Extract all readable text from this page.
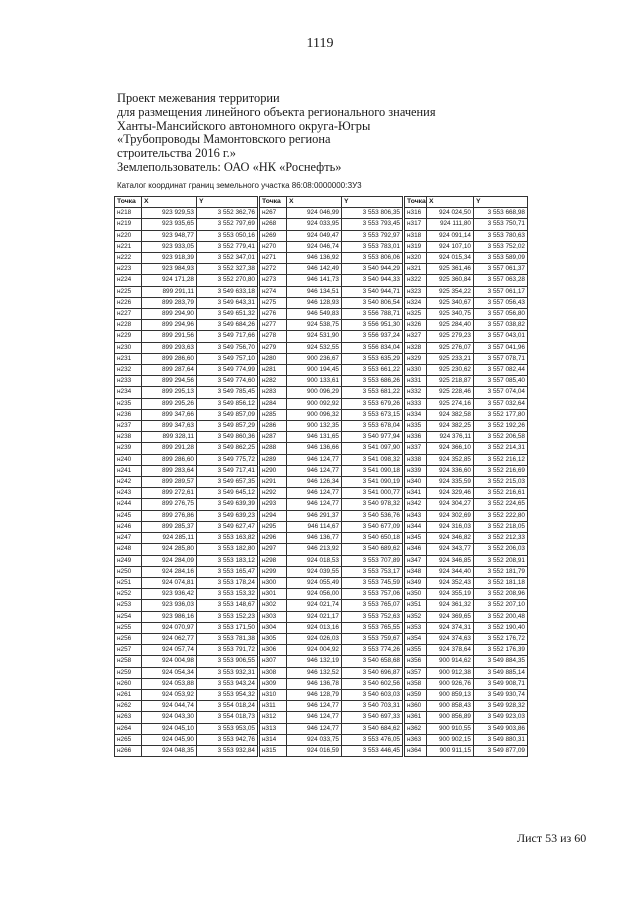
1119
Проект межевания территории
для размещения линейного объекта регионального значения
Ханты-Мансийского автономного округа-Югры
«Трубопроводы Мамонтовского региона
строительства 2016 г.»
Землепользователь: ОАО «НК «Роснефть»
Каталог координат границ земельного участка 86:08:0000000:ЗУ3
Точка	X	Y
н218	923 929,53	3 552 362,76
н219	923 935,65	3 552 797,69
н220	923 948,77	3 553 050,16
н221	923 933,05	3 552 779,41
н222	923 918,39	3 552 347,01
н223	923 984,93	3 552 327,38
н224	924 171,28	3 552 270,80
н225	899 291,11	3 549 633,18
н226	899 283,79	3 549 643,31
н227	899 294,90	3 549 651,32
н228	899 294,96	3 549 684,26
н229	899 291,56	3 549 717,66
н230	899 293,63	3 549 756,70
н231	899 286,60	3 549 757,10
н232	899 287,64	3 549 774,99
н233	899 294,56	3 549 774,60
н234	899 295,13	3 549 785,45
н235	899 295,26	3 549 856,12
н236	899 347,66	3 549 857,09
н237	899 347,63	3 549 857,29
н238	899 328,11	3 549 860,36
н239	899 291,28	3 549 862,25
н240	899 286,60	3 549 775,72
н241	899 283,64	3 549 717,41
н242	899 289,57	3 549 657,35
н243	899 272,61	3 549 645,12
н244	899 276,75	3 549 639,39
н245	899 276,86	3 549 639,23
н246	899 285,37	3 549 627,47
н247	924 285,11	3 553 163,82
н248	924 285,80	3 553 182,80
н249	924 284,09	3 553 183,12
н250	924 284,16	3 553 165,47
н251	924 074,81	3 553 178,24
н252	923 936,42	3 553 153,32
н253	923 936,03	3 553 148,67
н254	923 986,16	3 553 152,23
н255	924 070,97	3 553 171,50
н256	924 062,77	3 553 781,38
н257	924 057,74	3 553 791,72
н258	924 004,98	3 553 906,55
н259	924 054,34	3 553 932,31
н260	924 053,88	3 553 943,24
н261	924 053,92	3 553 954,32
н262	924 044,74	3 554 018,24
н263	924 043,30	3 554 018,73
н264	924 045,10	3 553 953,05
н265	924 045,90	3 553 942,76
н266	924 048,35	3 553 932,84
Точка	X	Y
н267	924 046,99	3 553 806,35
н268	924 033,95	3 553 793,45
н269	924 049,47	3 553 792,97
н270	924 046,74	3 553 783,01
н271	946 136,92	3 553 806,06
н272	946 142,49	3 540 944,29
н273	946 141,73	3 540 944,33
н274	946 134,51	3 540 944,71
н275	946 128,93	3 540 806,54
н276	946 549,83	3 556 788,71
н277	924 538,75	3 556 951,30
н278	924 531,90	3 556 937,24
н279	924 532,55	3 556 834,04
н280	900 236,67	3 553 635,29
н281	900 194,45	3 553 661,22
н282	900 133,61	3 553 686,26
н283	900 096,29	3 553 681,22
н284	900 092,92	3 553 679,26
н285	900 096,32	3 553 673,15
н286	900 132,35	3 553 678,04
н287	946 131,65	3 540 977,94
н288	946 136,66	3 541 097,90
н289	946 124,77	3 541 098,32
н290	946 124,77	3 541 090,18
н291	946 126,34	3 541 090,19
н292	946 124,77	3 541 000,77
н293	946 124,77	3 540 978,32
н294	946 291,37	3 540 536,76
н295	946 114,67	3 540 677,09
н296	946 136,77	3 540 650,18
н297	946 213,92	3 540 689,62
н298	924 018,53	3 553 707,89
н299	924 039,55	3 553 753,17
н300	924 055,49	3 553 745,59
н301	924 056,00	3 553 757,06
н302	924 021,74	3 553 765,07
н303	924 021,17	3 553 752,63
н304	924 013,16	3 553 765,55
н305	924 026,03	3 553 759,67
н306	924 004,92	3 553 774,26
н307	946 132,19	3 540 658,68
н308	946 132,52	3 540 696,87
н309	946 136,78	3 540 602,56
н310	946 128,79	3 540 603,03
н311	946 124,77	3 540 703,31
н312	946 124,77	3 540 697,33
н313	946 124,77	3 540 684,62
н314	924 033,75	3 553 476,05
н315	924 016,59	3 553 446,45
Точка	X	Y
н316	924 024,50	3 553 668,98
н317	924 111,80	3 553 750,71
н318	924 091,14	3 553 780,63
н319	924 107,10	3 553 752,02
н320	924 015,34	3 553 589,09
н321	925 361,46	3 557 061,37
н322	925 360,84	3 557 063,28
н323	925 354,22	3 557 061,17
н324	925 340,67	3 557 056,43
н325	925 340,75	3 557 056,80
н326	925 284,40	3 557 038,82
н327	925 279,23	3 557 043,01
н328	925 276,07	3 557 041,96
н329	925 233,21	3 557 078,71
н330	925 230,62	3 557 082,44
н331	925 218,87	3 557 085,40
н332	925 228,46	3 557 074,04
н333	925 274,16	3 557 032,64
н334	924 382,58	3 552 177,80
н335	924 382,25	3 552 192,26
н336	924 376,11	3 552 206,58
н337	924 366,10	3 552 214,31
н338	924 352,85	3 552 216,12
н339	924 336,60	3 552 216,69
н340	924 335,59	3 552 215,03
н341	924 329,46	3 552 216,61
н342	924 304,27	3 552 224,65
н343	924 302,69	3 552 222,80
н344	924 316,03	3 552 218,05
н345	924 346,82	3 552 212,33
н346	924 343,77	3 552 206,03
н347	924 346,85	3 552 208,91
н348	924 344,40	3 552 181,79
н349	924 352,43	3 552 181,18
н350	924 355,19	3 552 208,96
н351	924 361,32	3 552 207,10
н352	924 369,65	3 552 200,48
н353	924 374,31	3 552 190,40
н354	924 374,63	3 552 176,72
н355	924 378,64	3 552 176,39
н356	900 914,62	3 549 884,35
н357	900 912,38	3 549 885,14
н358	900 926,76	3 549 908,71
н359	900 859,13	3 549 930,74
н360	900 858,43	3 549 928,32
н361	900 856,89	3 549 923,03
н362	900 910,55	3 549 903,86
н363	900 902,15	3 549 880,31
н364	900 911,15	3 549 877,09
Лист 53 из 60
